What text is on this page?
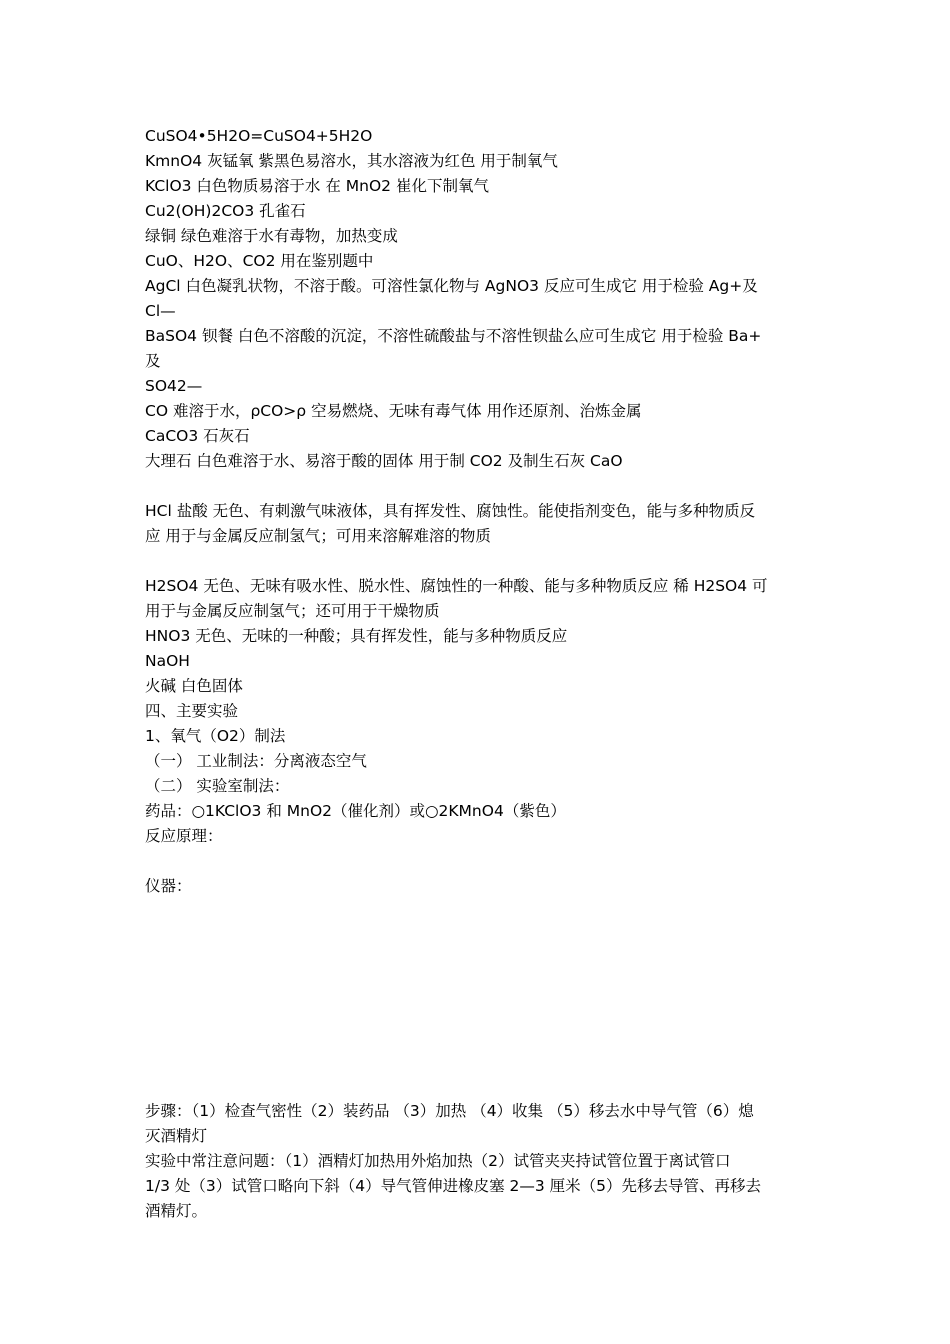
CuSO4•5H2O=CuSO4+5H2O
KmnO4 灰锰氧 紫黑色易溶水，其水溶液为红色 用于制氧气
KClO3 白色物质易溶于水 在 MnO2 崔化下制氧气
Cu2(OH)2CO3 孔雀石
绿铜 绿色难溶于水有毒物，加热变成
CuO、H2O、CO2 用在鉴别题中
AgCl 白色凝乳状物，不溶于酸。可溶性氯化物与 AgNO3 反应可生成它 用于检验 Ag+及
Cl—
BaSO4 钡餐 白色不溶酸的沉淀，不溶性硫酸盐与不溶性钡盐么应可生成它 用于检验 Ba+
及
SO42—
CO 难溶于水，ρCO>ρ 空易燃烧、无味有毒气体 用作还原剂、治炼金属
CaCO3 石灰石
大理石 白色难溶于水、易溶于酸的固体 用于制 CO2 及制生石灰 CaO
HCl 盐酸 无色、有刺激气味液体，具有挥发性、腐蚀性。能使指剂变色，能与多种物质反
应 用于与金属反应制氢气；可用来溶解难溶的物质
H2SO4 无色、无味有吸水性、脱水性、腐蚀性的一种酸、能与多种物质反应 稀 H2SO4 可
用于与金属反应制氢气；还可用于干燥物质
HNO3 无色、无味的一种酸；具有挥发性，能与多种物质反应
NaOH
火碱 白色固体
四、主要实验
1、氧气（O2）制法
（一） 工业制法：分离液态空气
（二） 实验室制法：
药品：○1KClO3 和 MnO2（催化剂）或○2KMnO4（紫色）
反应原理：
仪器：
步骤：（1）检查气密性（2）装药品 （3）加热 （4）收集 （5）移去水中导气管（6）熄
灭酒精灯
实验中常注意问题：（1）酒精灯加热用外焰加热（2）试管夹夹持试管位置于离试管口
1/3 处（3）试管口略向下斜（4）导气管伸进橡皮塞 2—3 厘米（5）先移去导管、再移去
酒精灯。
